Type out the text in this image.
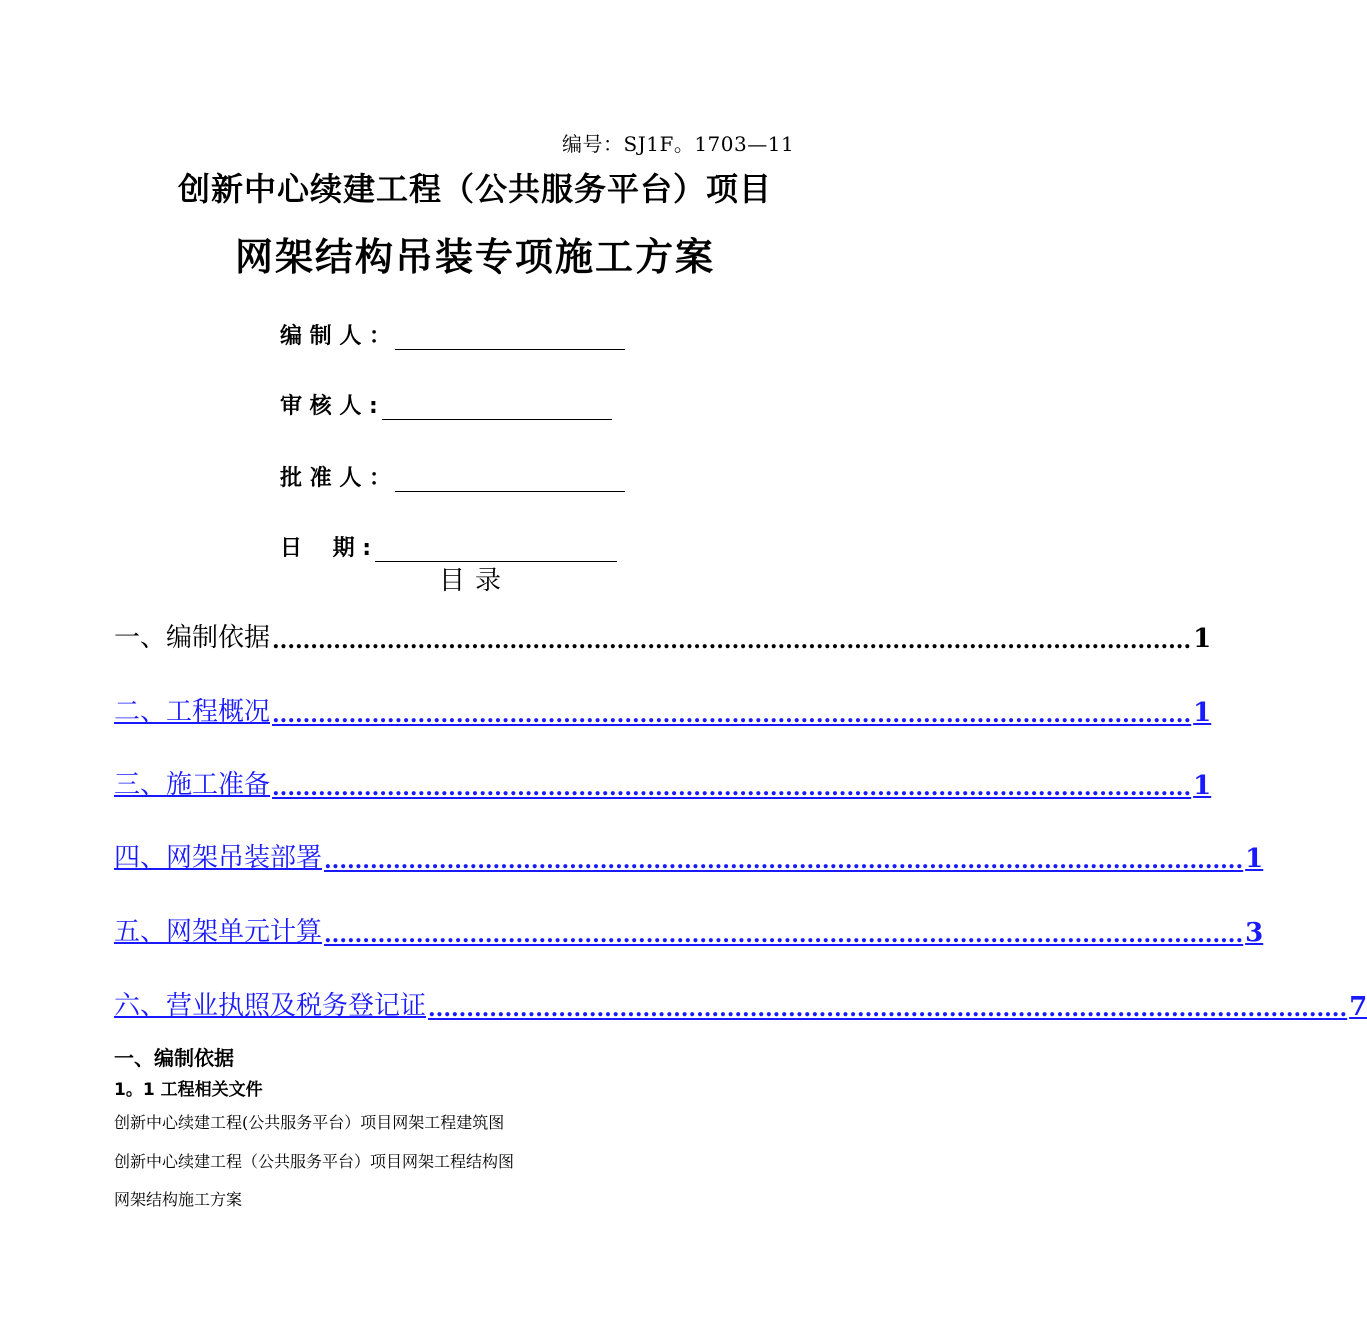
编号：SJ1F。1703—11
创新中心续建工程（公共服务平台）项目
网架结构吊装专项施工方案
编 制 人 ：
审 核 人 :
批 准 人 ：
日    期 :
目录
一、编制依据 ........................................................................................................................ 1
二、工程概况 ........................................................................................................................ 1
三、施工准备 ........................................................................................................................ 1
四、网架吊装部署 ........................................................................................................................ 1
五、网架单元计算 ........................................................................................................................ 3
六、营业执照及税务登记证 ........................................................................................................................ 7
一、编制依据
1。1 工程相关文件
创新中心续建工程(公共服务平台）项目网架工程建筑图
创新中心续建工程（公共服务平台）项目网架工程结构图
网架结构施工方案
